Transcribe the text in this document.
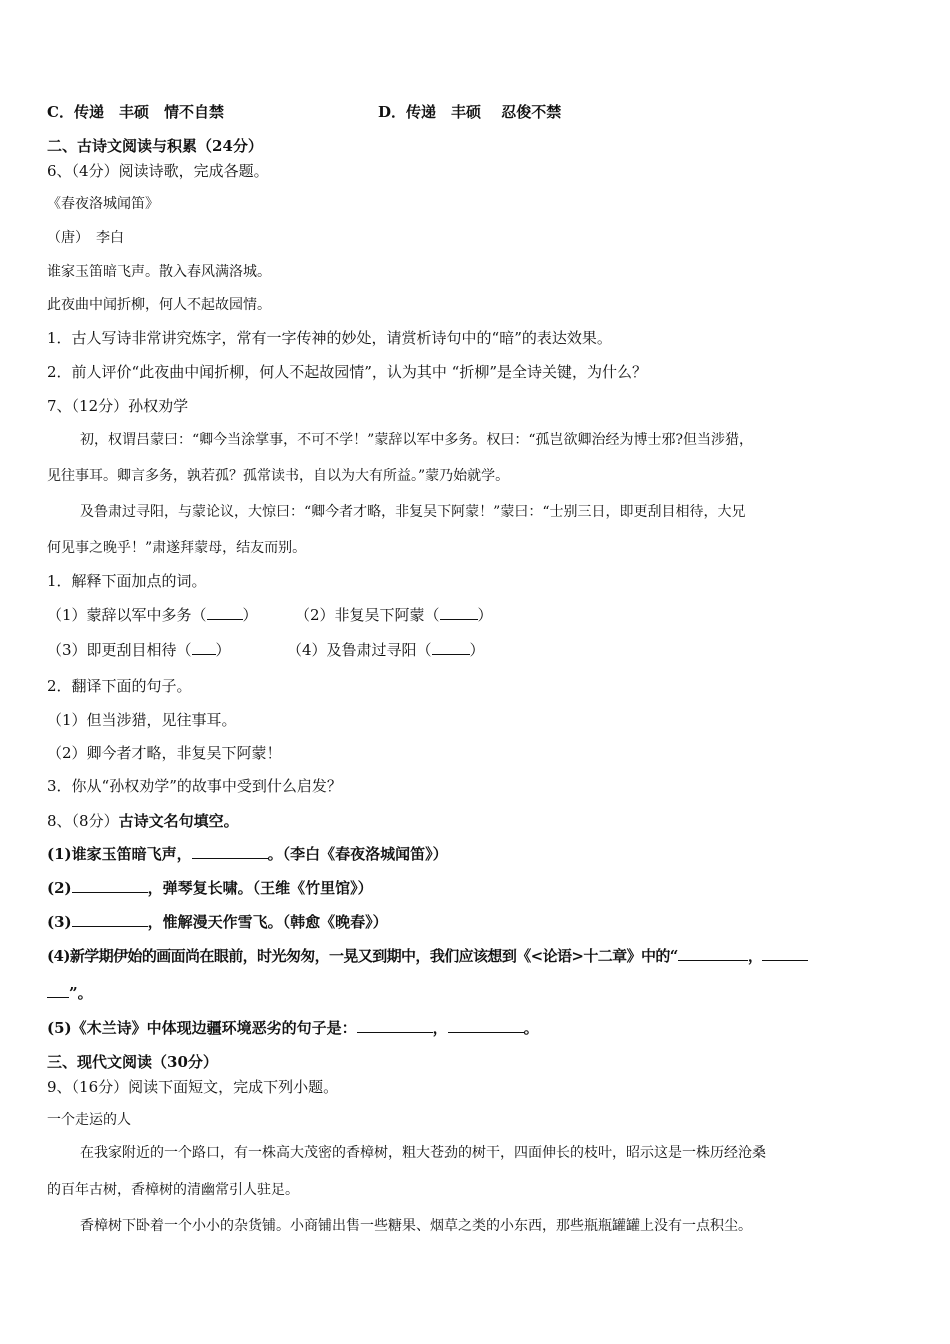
C．传递　丰硕　情不自禁	D．传递　丰硕　 忍俊不禁
二、古诗文阅读与积累（24分）
6、（4分）阅读诗歌，完成各题。
《春夜洛城闻笛》
（唐）　李白
谁家玉笛暗飞声。散入春风满洛城。
此夜曲中闻折柳，何人不起故园情。
1．古人写诗非常讲究炼字，常有一字传神的妙处，请赏析诗句中的“暗”的表达效果。
2．前人评价“此夜曲中闻折柳，何人不起故园情”，认为其中 “折柳”是全诗关键，为什么？
7、（12分）孙权劝学
初，权谓吕蒙曰：“卿今当涂掌事，不可不学！”蒙辞以军中多务。权曰：“孤岂欲卿治经为博士邪?但当涉猎，
见往事耳。卿言多务，孰若孤？孤常读书，自以为大有所益。”蒙乃始就学。
及鲁肃过寻阳，与蒙论议，大惊曰：“卿今者才略，非复吴下阿蒙！”蒙曰：“士别三日，即更刮目相待，大兄
何见事之晚乎！”肃遂拜蒙母，结友而别。
1．解释下面加点的词。
（1）蒙辞以军中多务（ ） （2）非复吴下阿蒙（	）
（3）即更刮目相待（ ）	（4）及鲁肃过寻阳（	）
2．翻译下面的句子。
（1）但当涉猎，见往事耳。
（2）卿今者才略，非复吴下阿蒙！
3．你从“孙权劝学”的故事中受到什么启发？
8、（8分）古诗文名句填空。
(1)谁家玉笛暗飞声，	。（李白《春夜洛城闻笛》）
(2)	，弹琴复长啸。（王维《竹里馆》）
(3)	，惟解漫天作雪飞。（韩愈《晚春》）
(4)新学期伊始的画面尚在眼前，时光匆匆，一晃又到期中，我们应该想到《<论语>十二章》中的“	，
”。
(5)《木兰诗》中体现边疆环境恶劣的句子是：	，	。
三、现代文阅读（30分）
9、（16分）阅读下面短文，完成下列小题。
一个走运的人
在我家附近的一个路口，有一株高大茂密的香樟树，粗大苍劲的树干，四面伸长的枝叶，昭示这是一株历经沧桑
的百年古树，香樟树的清幽常引人驻足。
香樟树下卧着一个小小的杂货铺。小商铺出售一些糖果、烟草之类的小东西，那些瓶瓶罐罐上没有一点积尘。
